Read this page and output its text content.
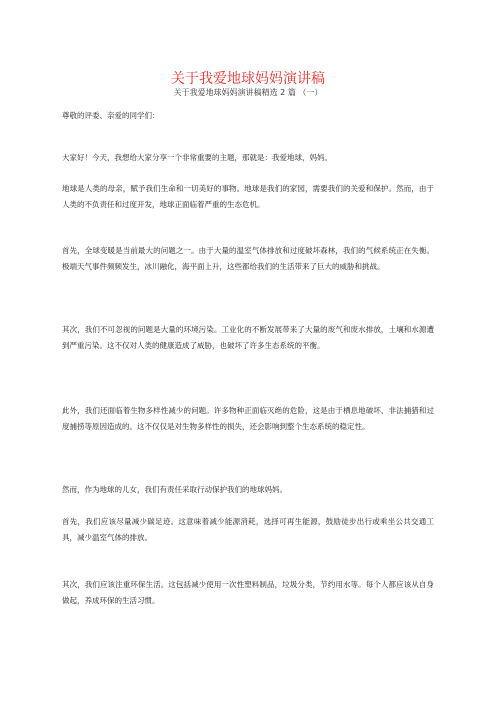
关于我爱地球妈妈演讲稿
关于我爱地球妈妈演讲稿精选 2 篇 （一）

尊敬的评委、亲爱的同学们：

大家好！今天，我想给大家分享一个非常重要的主题，那就是：我爱地球，妈妈。

地球是人类的母亲，赋予我们生命和一切美好的事物。地球是我们的家园，需要我们的关爱和保护。然而，由于人类的不负责任和过度开发，地球正面临着严重的生态危机。

首先，全球变暖是当前最大的问题之一。由于大量的温室气体排放和过度破坏森林，我们的气候系统正在失衡。极端天气事件频频发生，冰川融化，海平面上升，这些都给我们的生活带来了巨大的威胁和挑战。

其次，我们不可忽视的问题是大量的环境污染。工业化的不断发展带来了大量的废气和废水排放，土壤和水源遭到严重污染。这不仅对人类的健康造成了威胁，也破坏了许多生态系统的平衡。

此外，我们还面临着生物多样性减少的问题。许多物种正面临灭绝的危险，这是由于栖息地破坏、非法捕猎和过度捕捞等原因造成的。这不仅仅是对生物多样性的损失，还会影响到整个生态系统的稳定性。

然而，作为地球的儿女，我们有责任采取行动保护我们的地球妈妈。

首先，我们应该尽量减少碳足迹。这意味着减少能源消耗，选择可再生能源，鼓励徒步出行或乘坐公共交通工具，减少温室气体的排放。

其次，我们应该注重环保生活。这包括减少使用一次性塑料制品，垃圾分类，节约用水等。每个人都应该从自身做起，养成环保的生活习惯。
